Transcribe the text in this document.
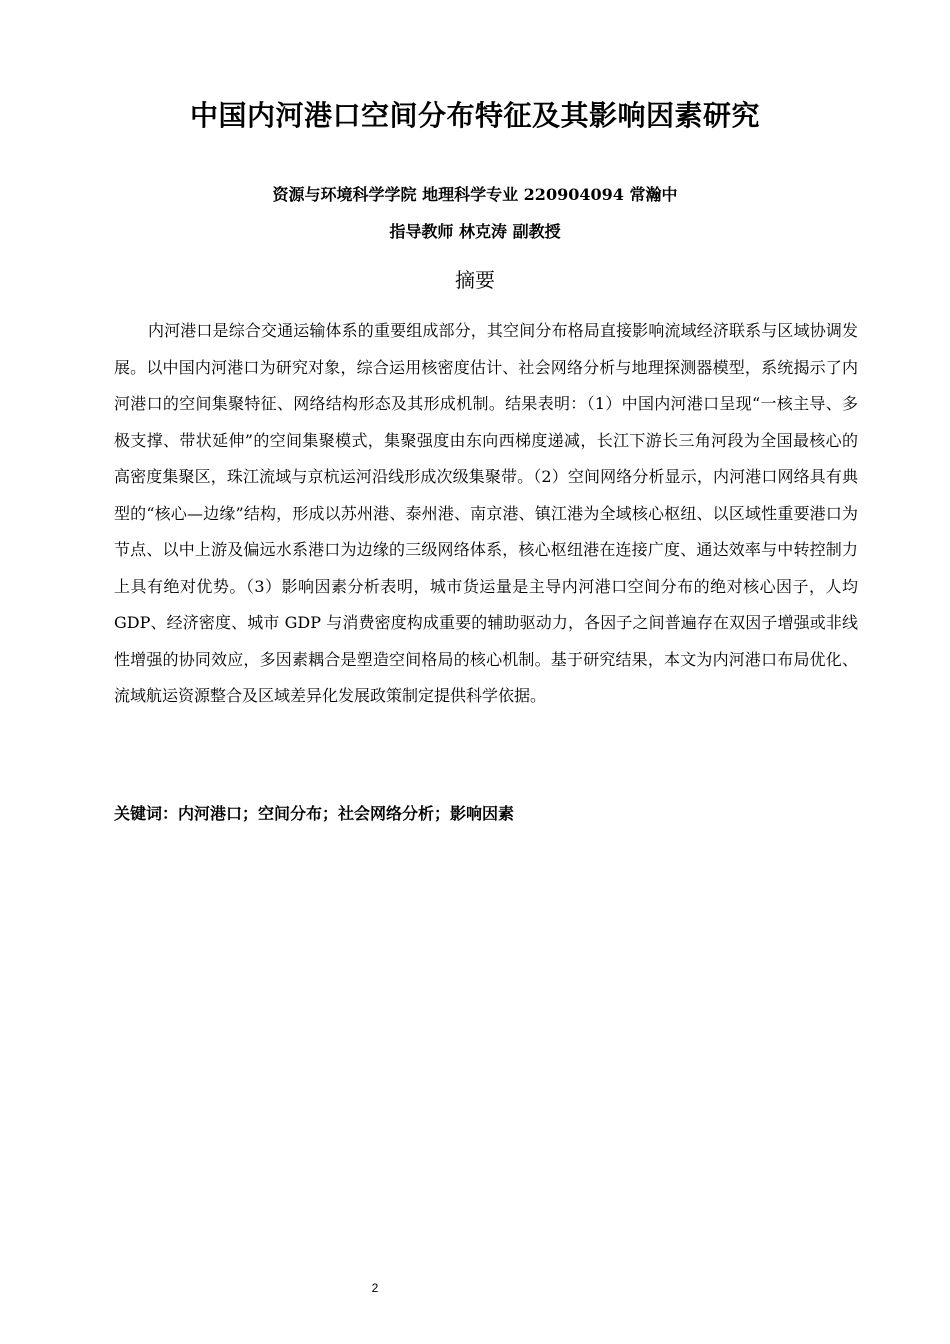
中国内河港口空间分布特征及其影响因素研究
资源与环境科学学院 地理科学专业 220904094 常瀚中
指导教师 林克涛 副教授
摘要

内河港口是综合交通运输体系的重要组成部分，其空间分布格局直接影响流域经济联系与区域协调发展。以中国内河港口为研究对象，综合运用核密度估计、社会网络分析与地理探测器模型，系统揭示了内河港口的空间集聚特征、网络结构形态及其形成机制。结果表明：（1）中国内河港口呈现“一核主导、多极支撑、带状延伸”的空间集聚模式，集聚强度由东向西梯度递减，长江下游长三角河段为全国最核心的高密度集聚区，珠江流域与京杭运河沿线形成次级集聚带。（2）空间网络分析显示，内河港口网络具有典型的“核心—边缘”结构，形成以苏州港、泰州港、南京港、镇江港为全域核心枢纽、以区域性重要港口为节点、以中上游及偏远水系港口为边缘的三级网络体系，核心枢纽港在连接广度、通达效率与中转控制力上具有绝对优势。（3）影响因素分析表明，城市货运量是主导内河港口空间分布的绝对核心因子，人均 GDP、经济密度、城市 GDP 与消费密度构成重要的辅助驱动力，各因子之间普遍存在双因子增强或非线性增强的协同效应，多因素耦合是塑造空间格局的核心机制。基于研究结果，本文为内河港口布局优化、流域航运资源整合及区域差异化发展政策制定提供科学依据。

关键词：内河港口；空间分布；社会网络分析；影响因素
2
